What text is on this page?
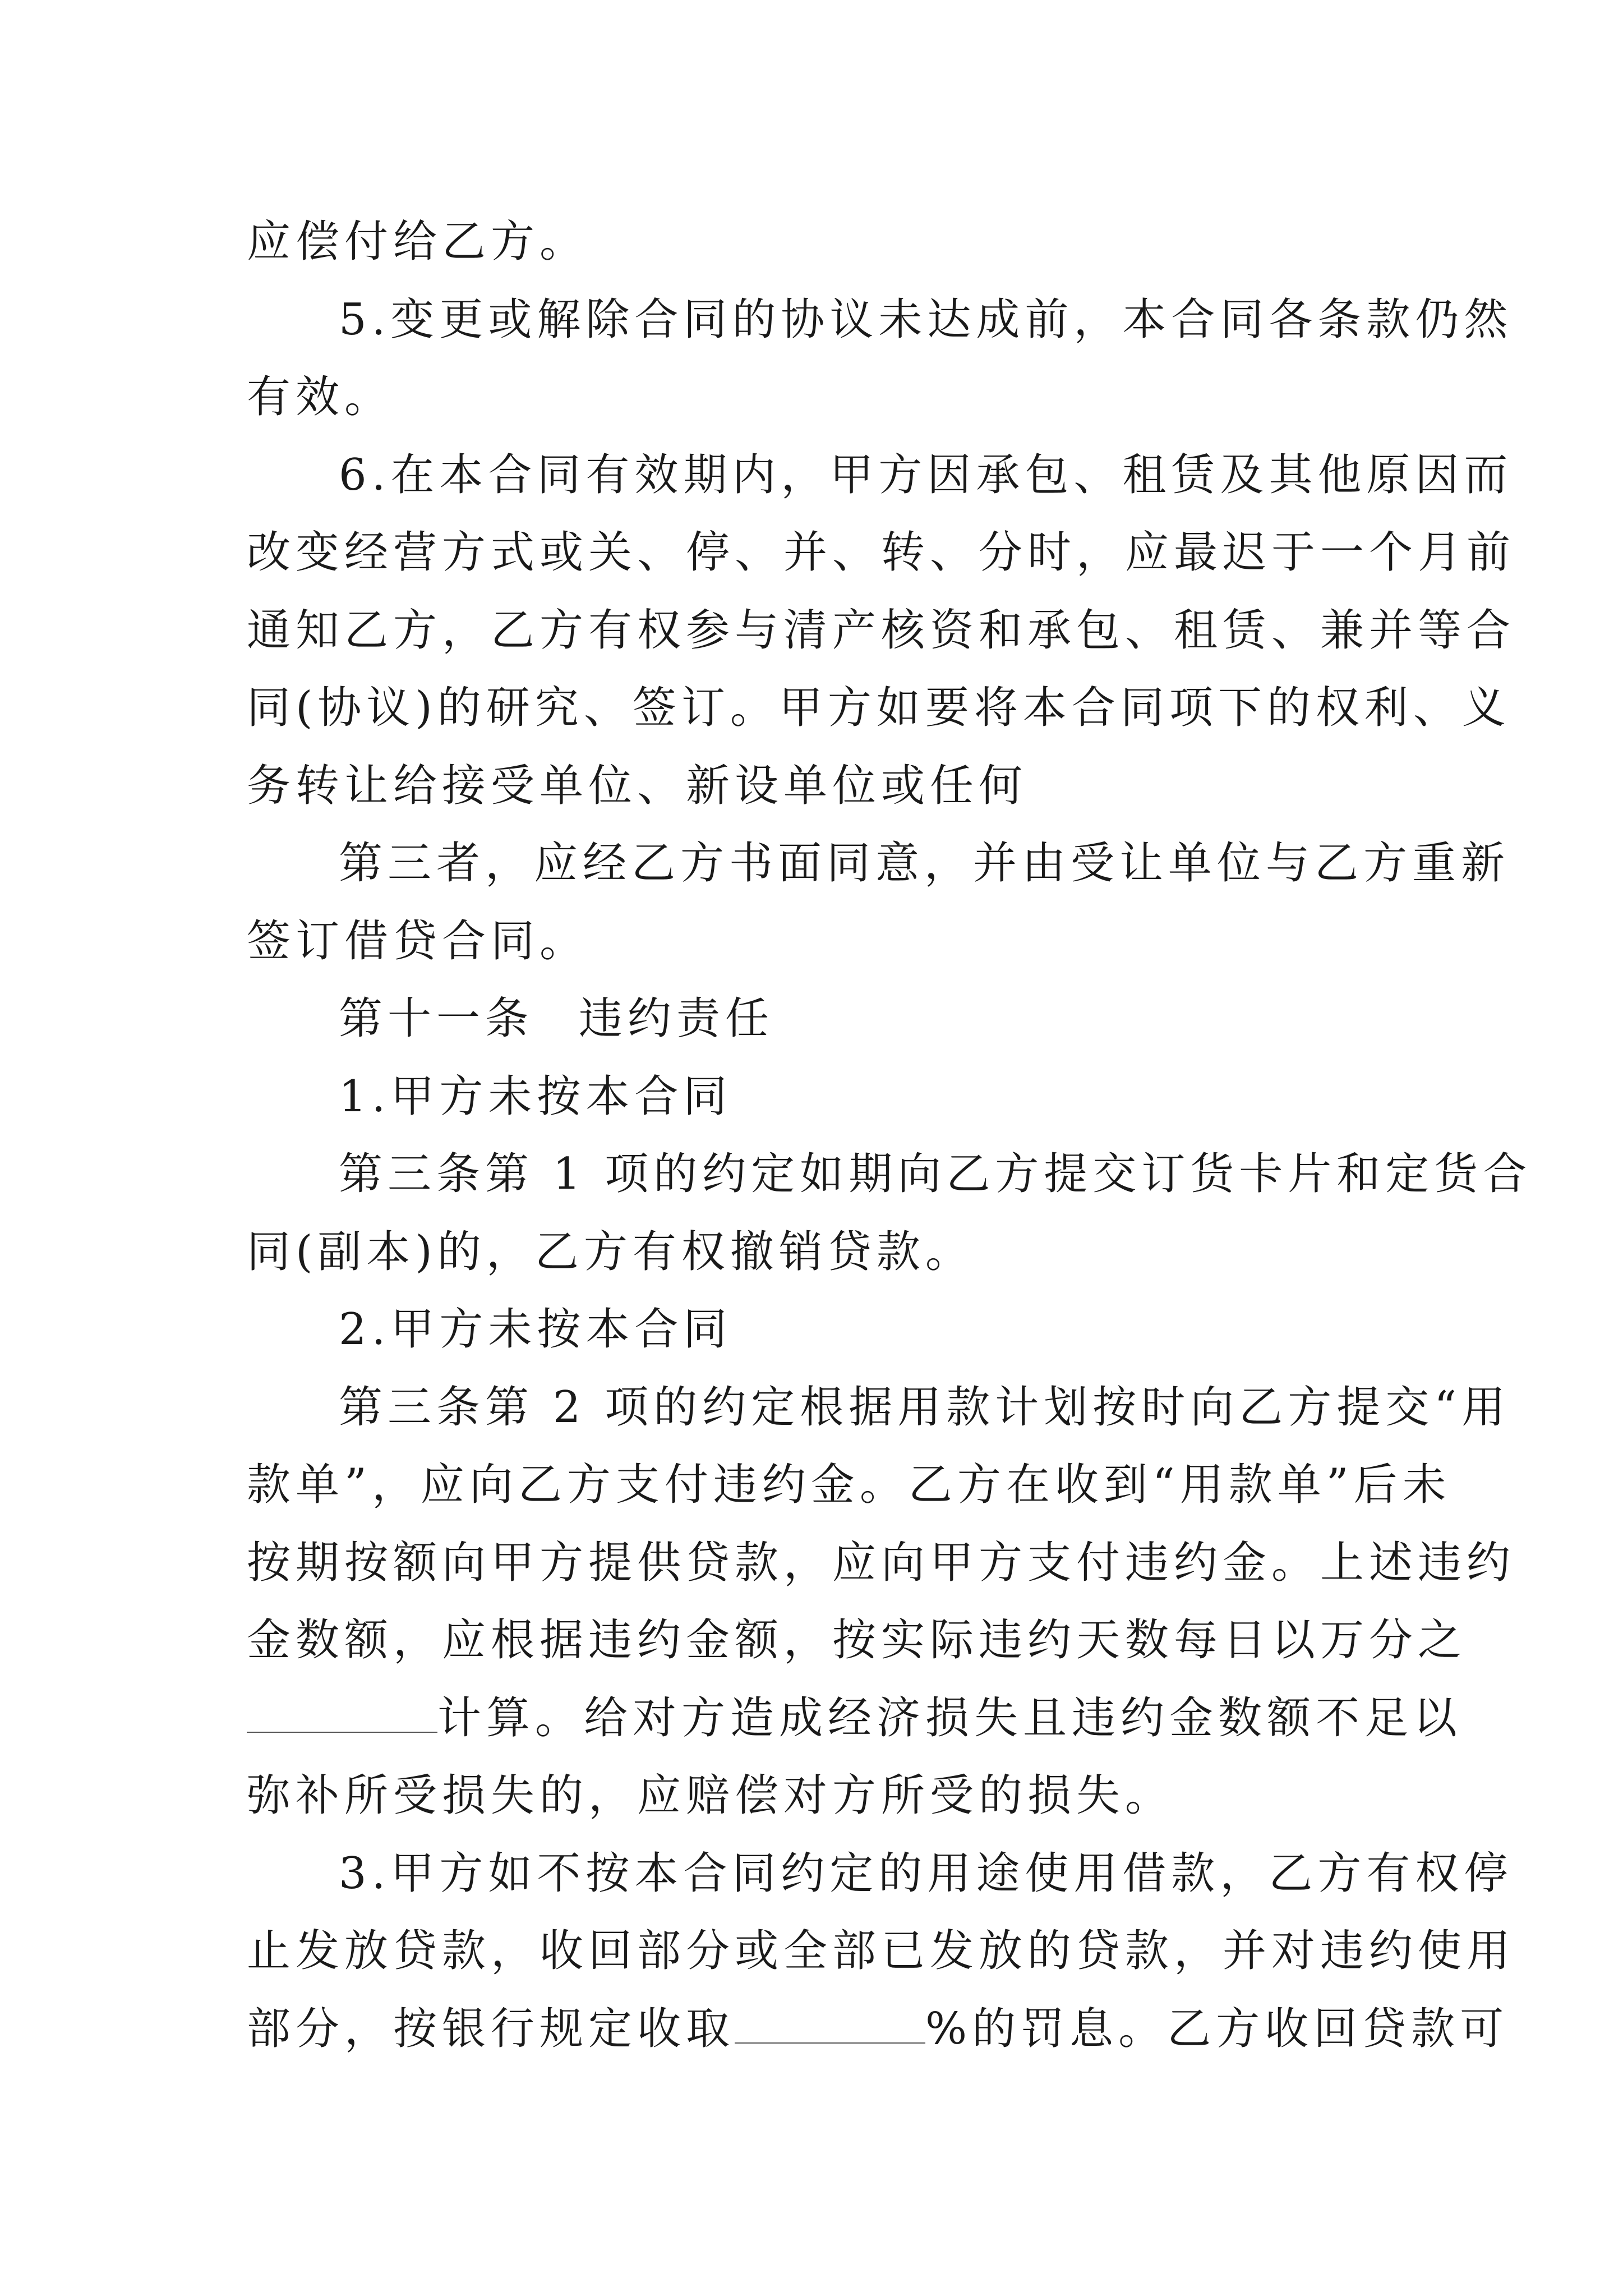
应偿付给乙方。
5.变更或解除合同的协议未达成前，本合同各条款仍然
有效。
6.在本合同有效期内，甲方因承包、租赁及其他原因而
改变经营方式或关、停、并、转、分时，应最迟于一个月前
通知乙方，乙方有权参与清产核资和承包、租赁、兼并等合
同(协议)的研究、签订。甲方如要将本合同项下的权利、义
务转让给接受单位、新设单位或任何
第三者，应经乙方书面同意，并由受让单位与乙方重新
签订借贷合同。
第十一条 违约责任
1.甲方未按本合同
第三条第 1 项的约定如期向乙方提交订货卡片和定货合
同(副本)的，乙方有权撤销贷款。
2.甲方未按本合同
第三条第 2 项的约定根据用款计划按时向乙方提交“用
款单”，应向乙方支付违约金。乙方在收到“用款单”后未
按期按额向甲方提供贷款，应向甲方支付违约金。上述违约
金数额，应根据违约金额，按实际违约天数每日以万分之
计算。给对方造成经济损失且违约金数额不足以
弥补所受损失的，应赔偿对方所受的损失。
3.甲方如不按本合同约定的用途使用借款，乙方有权停
止发放贷款，收回部分或全部已发放的贷款，并对违约使用
部分，按银行规定收取	%的罚息。乙方收回贷款可
